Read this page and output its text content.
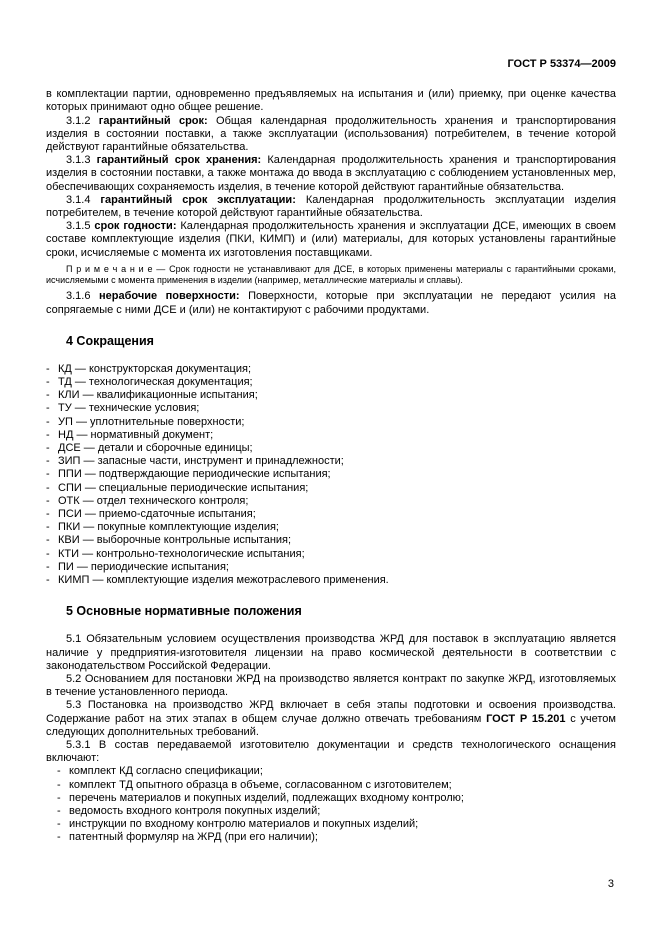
ГОСТ Р 53374—2009

в комплектации партии, одновременно предъявляемых на испытания и (или) приемку, при оценке качества которых принимают одно общее решение.

3.1.2 гарантийный срок: Общая календарная продолжительность хранения и транспортирования изделия в состоянии поставки, а также эксплуатации (использования) потребителем, в течение которой действуют гарантийные обязательства.

3.1.3 гарантийный срок хранения: Календарная продолжительность хранения и транспортирования изделия в состоянии поставки, а также монтажа до ввода в эксплуатацию с соблюдением установленных мер, обеспечивающих сохраняемость изделия, в течение которой действуют гарантийные обязательства.

3.1.4 гарантийный срок эксплуатации: Календарная продолжительность эксплуатации изделия потребителем, в течение которой действуют гарантийные обязательства.

3.1.5 срок годности: Календарная продолжительность хранения и эксплуатации ДСЕ, имеющих в своем составе комплектующие изделия (ПКИ, КИМП) и (или) материалы, для которых установлены гарантийные сроки, исчисляемые с момента их изготовления поставщиками.

П р и м е ч а н и е — Срок годности не устанавливают для ДСЕ, в которых применены материалы с гарантийными сроками, исчисляемыми с момента применения в изделии (например, металлические материалы и сплавы).

3.1.6 нерабочие поверхности: Поверхности, которые при эксплуатации не передают усилия на сопрягаемые с ними ДСЕ и (или) не контактируют с рабочими продуктами.

4 Сокращения
- КД — конструкторская документация;
- ТД — технологическая документация;
- КЛИ — квалификационные испытания;
- ТУ — технические условия;
- УП — уплотнительные поверхности;
- НД — нормативный документ;
- ДСЕ — детали и сборочные единицы;
- ЗИП — запасные части, инструмент и принадлежности;
- ППИ — подтверждающие периодические испытания;
- СПИ — специальные периодические испытания;
- ОТК — отдел технического контроля;
- ПСИ — приемо-сдаточные испытания;
- ПКИ — покупные комплектующие изделия;
- КВИ — выборочные контрольные испытания;
- КТИ — контрольно-технологические испытания;
- ПИ — периодические испытания;
- КИМП — комплектующие изделия межотраслевого применения.
5 Основные нормативные положения

5.1 Обязательным условием осуществления производства ЖРД для поставок в эксплуатацию является наличие у предприятия-изготовителя лицензии на право космической деятельности в соответствии с законодательством Российской Федерации.

5.2 Основанием для постановки ЖРД на производство является контракт по закупке ЖРД, изготовляемых в течение установленного периода.

5.3 Постановка на производство ЖРД включает в себя этапы подготовки и освоения производства. Содержание работ на этих этапах в общем случае должно отвечать требованиям ГОСТ Р 15.201 с учетом следующих дополнительных требований.

5.3.1 В состав передаваемой изготовителю документации и средств технологического оснащения включают:

- комплект КД согласно спецификации;
- комплект ТД опытного образца в объеме, согласованном с изготовителем;
- перечень материалов и покупных изделий, подлежащих входному контролю;
- ведомость входного контроля покупных изделий;
- инструкции по входному контролю материалов и покупных изделий;
- патентный формуляр на ЖРД (при его наличии);
3
